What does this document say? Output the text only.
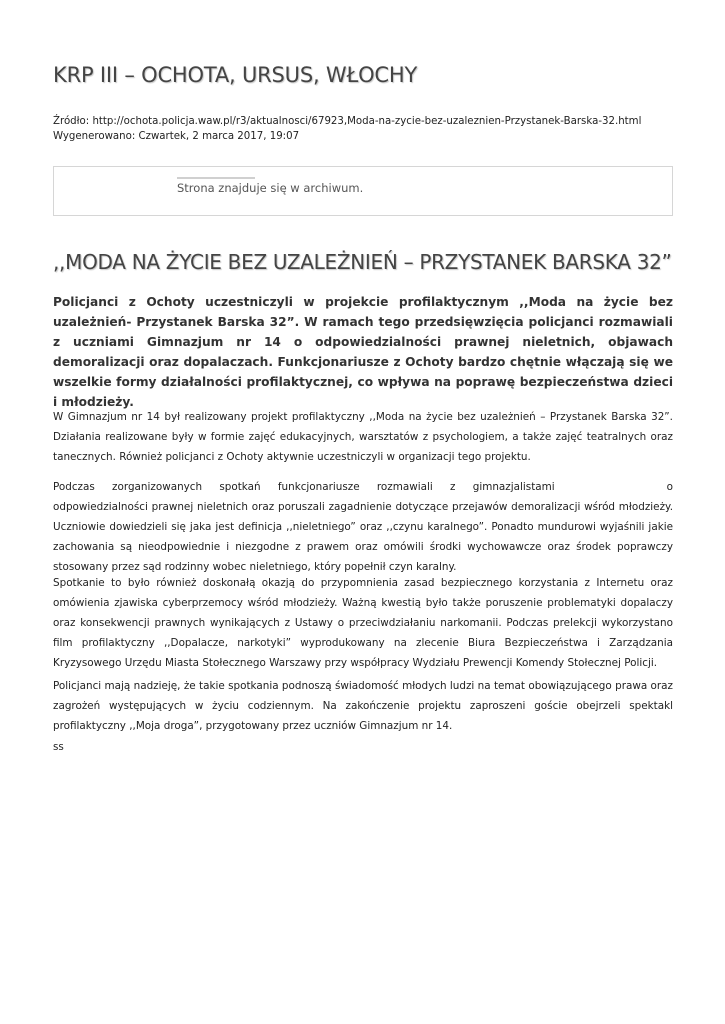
KRP III – OCHOTA, URSUS, WŁOCHY
Źródło: http://ochota.policja.waw.pl/r3/aktualnosci/67923,Moda-na-zycie-bez-uzaleznien-Przystanek-Barska-32.html
Wygenerowano: Czwartek, 2 marca 2017, 19:07
Strona znajduje się w archiwum.
,,MODA NA ŻYCIE BEZ UZALEŻNIEŃ – PRZYSTANEK BARSKA 32”

Policjanci z Ochoty uczestniczyli w projekcie profilaktycznym ,,Moda na życie bez uzależnień- Przystanek Barska 32”. W ramach tego przedsięwzięcia policjanci rozmawiali z uczniami Gimnazjum nr 14 o odpowiedzialności prawnej nieletnich, objawach demoralizacji oraz dopalaczach. Funkcjonariusze z Ochoty bardzo chętnie włączają się we wszelkie formy działalności profilaktycznej, co wpływa na poprawę bezpieczeństwa dzieci i młodzieży.

W Gimnazjum nr 14 był realizowany projekt profilaktyczny ,,Moda na życie bez uzależnień – Przystanek Barska 32”. Działania realizowane były w formie zajęć edukacyjnych, warsztatów z psychologiem, a także zajęć teatralnych oraz tanecznych. Również policjanci z Ochoty aktywnie uczestniczyli w organizacji tego projektu.

Podczas zorganizowanych spotkań funkcjonariusze rozmawiali z gimnazjalistami	o odpowiedzialności prawnej nieletnich oraz poruszali zagadnienie dotyczące przejawów demoralizacji wśród młodzieży. Uczniowie dowiedzieli się jaka jest definicja ,,nieletniego” oraz ,,czynu karalnego”. Ponadto mundurowi wyjaśnili jakie zachowania są nieodpowiednie i niezgodne z prawem oraz omówili środki wychowawcze oraz środek poprawczy stosowany przez sąd rodzinny wobec nieletniego, który popełnił czyn karalny.

Spotkanie to było również doskonałą okazją do przypomnienia zasad bezpiecznego korzystania z Internetu oraz omówienia zjawiska cyberprzemocy wśród młodzieży. Ważną kwestią było także poruszenie problematyki dopalaczy oraz konsekwencji prawnych wynikających z Ustawy o przeciwdziałaniu narkomanii. Podczas prelekcji wykorzystano film profilaktyczny ,,Dopalacze, narkotyki” wyprodukowany na zlecenie Biura Bezpieczeństwa i Zarządzania Kryzysowego Urzędu Miasta Stołecznego Warszawy przy współpracy Wydziału Prewencji Komendy Stołecznej Policji.

Policjanci mają nadzieję, że takie spotkania podnoszą świadomość młodych ludzi na temat obowiązującego prawa oraz zagrożeń występujących w życiu codziennym. Na zakończenie projektu zaproszeni goście obejrzeli spektakl profilaktyczny ,,Moja droga”, przygotowany przez uczniów Gimnazjum nr 14.

ss
